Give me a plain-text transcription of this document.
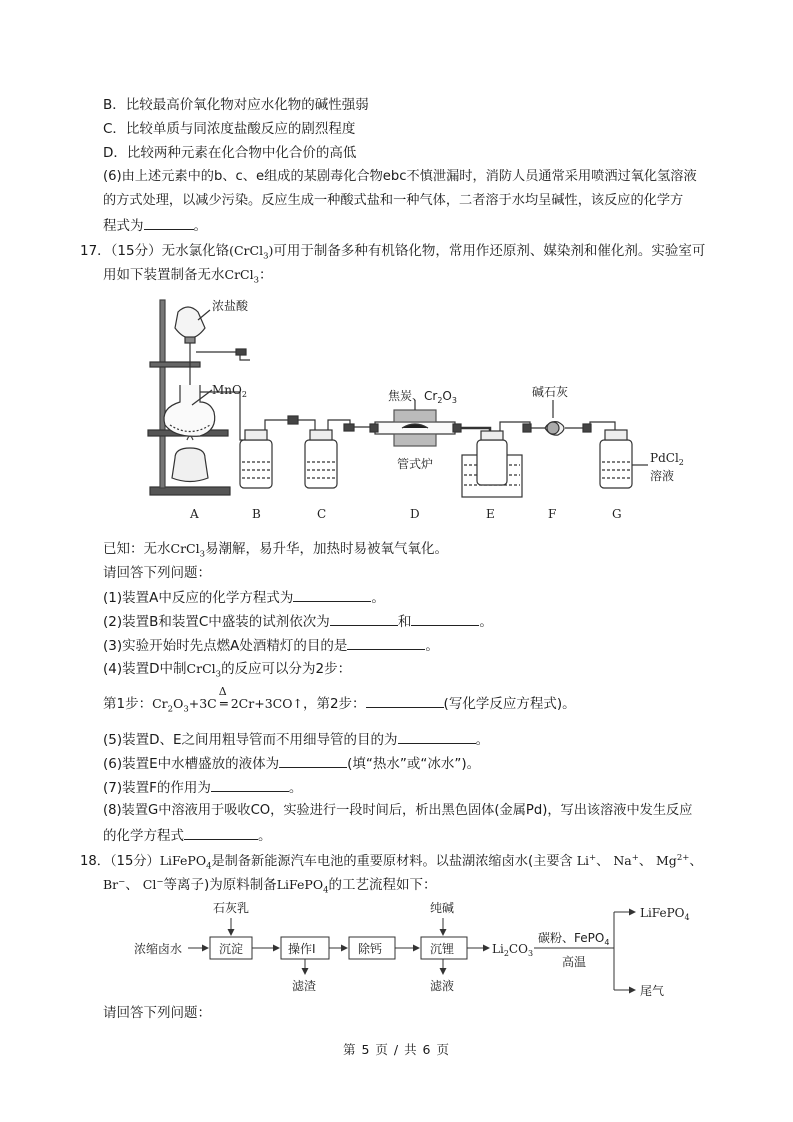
B．比较最高价氧化物对应水化物的碱性强弱
C．比较单质与同浓度盐酸反应的剧烈程度
D．比较两种元素在化合物中化合价的高低
(6)由上述元素中的b、c、e组成的某剧毒化合物ebc不慎泄漏时，消防人员通常采用喷洒过氧化氢溶液
的方式处理，以减少污染。反应生成一种酸式盐和一种气体，二者溶于水均呈碱性，该反应的化学方
程式为	。
17．（15分）无水氯化铬(CrCl$_3$)可用于制备多种有机铬化物，常用作还原剂、媒染剂和催化剂。实验室可
用如下装置制备无水CrCl$_3$：
浓盐酸
MnO$_2$	焦炭、$Cr_2O_3$
管式炉
碱石灰
PdCl$_2$
溶液
A	B	C	D	E	F	G
已知：无水CrCl$_3$易潮解，易升华，加热时易被氧气氧化。
请回答下列问题：
(1)装置A中反应的化学方程式为	。
(2)装置B和装置C中盛装的试剂依次为	和	。
(3)实验开始时先点燃A处酒精灯的目的是	。
(4)装置D中制CrCl$_3$的反应可以分为2步：
第1步：$Cr_2O_3+3C$
Δ
═ 2Cr+3CO↑，第2步：	(写化学反应方程式)。
(5)装置D、E之间用粗导管而不用细导管的目的为	。
(6)装置E中水槽盛放的液体为	(填“热水”或“冰水”)。
(7)装置F的作用为	。
(8)装置G中溶液用于吸收CO，实验进行一段时间后，析出黑色固体(金属Pd)，写出该溶液中发生反应
的化学方程式	。
18．（15分）LiFePO$_4$是制备新能源汽车电池的重要原材料。以盐湖浓缩卤水(主要含 Li+、 Na+、 $Mg^{2+}$、
Br−、 Cl−等离子)为原料制备LiFePO$_4$的工艺流程如下：
浓缩卤水	沉淀	操作I	除钙	沉锂
石灰乳	纯碱
滤渣	滤液
$Li_2CO_3$
碳粉、FePO$_4$
高温
LiFePO$_4$
尾气
请回答下列问题：
第 5 页 / 共 6 页
